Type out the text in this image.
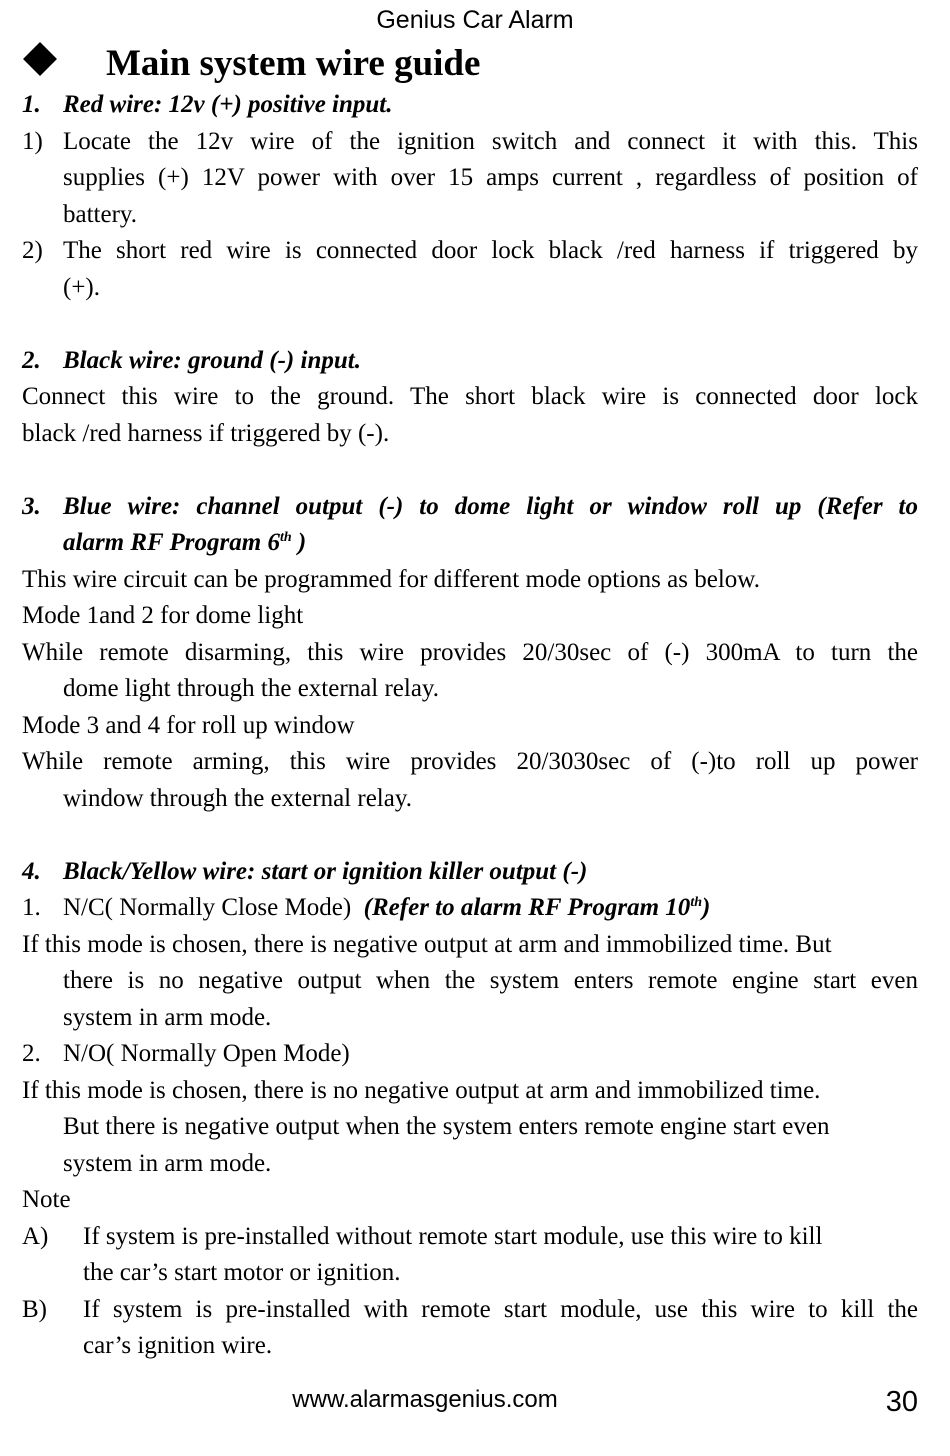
Genius Car Alarm
Main system wire guide
1. Red wire: 12v (+) positive input.
1) Locate the 12v wire of the ignition switch and connect it with this. This
supplies (+) 12V power with over 15 amps current , regardless of position of
battery.
2) The short red wire is connected door lock black /red harness if triggered by
(+).
2. Black wire: ground (-) input.
Connect this wire to the ground. The short black wire is connected door lock
black /red harness if triggered by (-).
3. Blue wire: channel output (-) to dome light or window roll up (Refer to
alarm RF Program 6th )
This wire circuit can be programmed for different mode options as below.
Mode 1and 2 for dome light
While remote disarming, this wire provides 20/30sec of (-) 300mA to turn the
dome light through the external relay.
Mode 3 and 4 for roll up window
While remote arming, this wire provides 20/3030sec of (-)to roll up power
window through the external relay.
4. Black/Yellow wire: start or ignition killer output (-)
1. N/C( Normally Close Mode) (Refer to alarm RF Program 10th)
If this mode is chosen, there is negative output at arm and immobilized time. But
there is no negative output when the system enters remote engine start even
system in arm mode.
2. N/O( Normally Open Mode)
If this mode is chosen, there is no negative output at arm and immobilized time.
But there is negative output when the system enters remote engine start even
system in arm mode.
Note
A) If system is pre-installed without remote start module, use this wire to kill
the car’s start motor or ignition.
B)	If system is pre-installed with remote start module, use this wire to kill the
car’s ignition wire.
www.alarmasgenius.com	30
